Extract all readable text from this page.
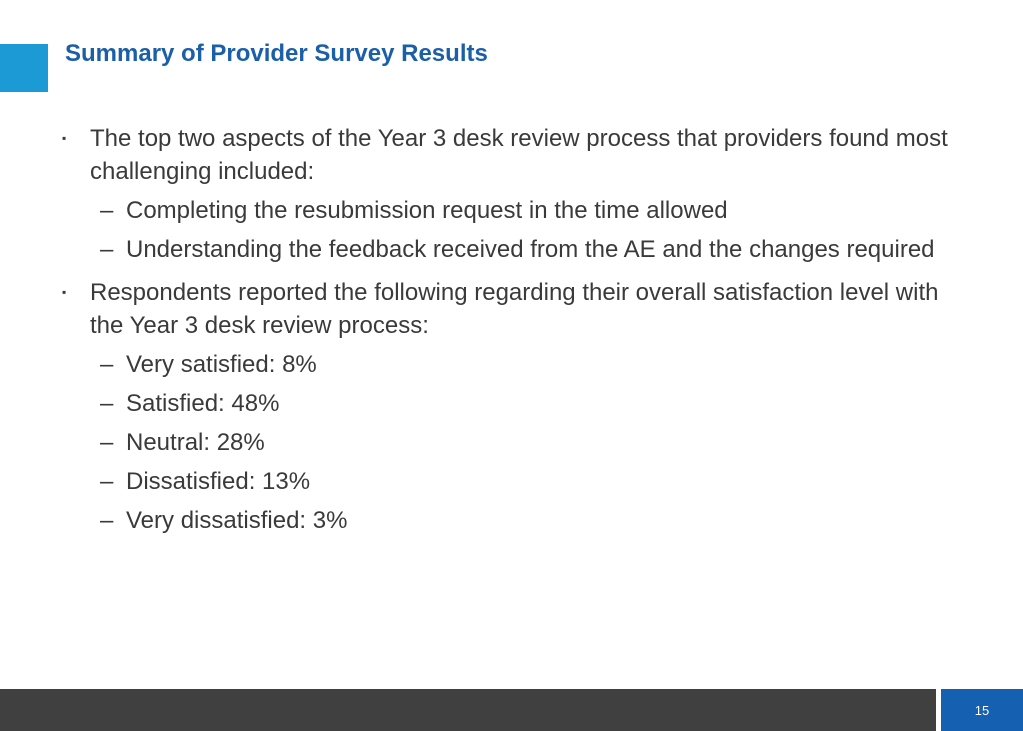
Summary of Provider Survey Results
▪ The top two aspects of the Year 3 desk review process that providers found most challenging included:
– Completing the resubmission request in the time allowed
– Understanding the feedback received from the AE and the changes required
▪ Respondents reported the following regarding their overall satisfaction level with the Year 3 desk review process:
– Very satisfied: 8%
– Satisfied: 48%
– Neutral: 28%
– Dissatisfied: 13%
– Very dissatisfied: 3%
15
